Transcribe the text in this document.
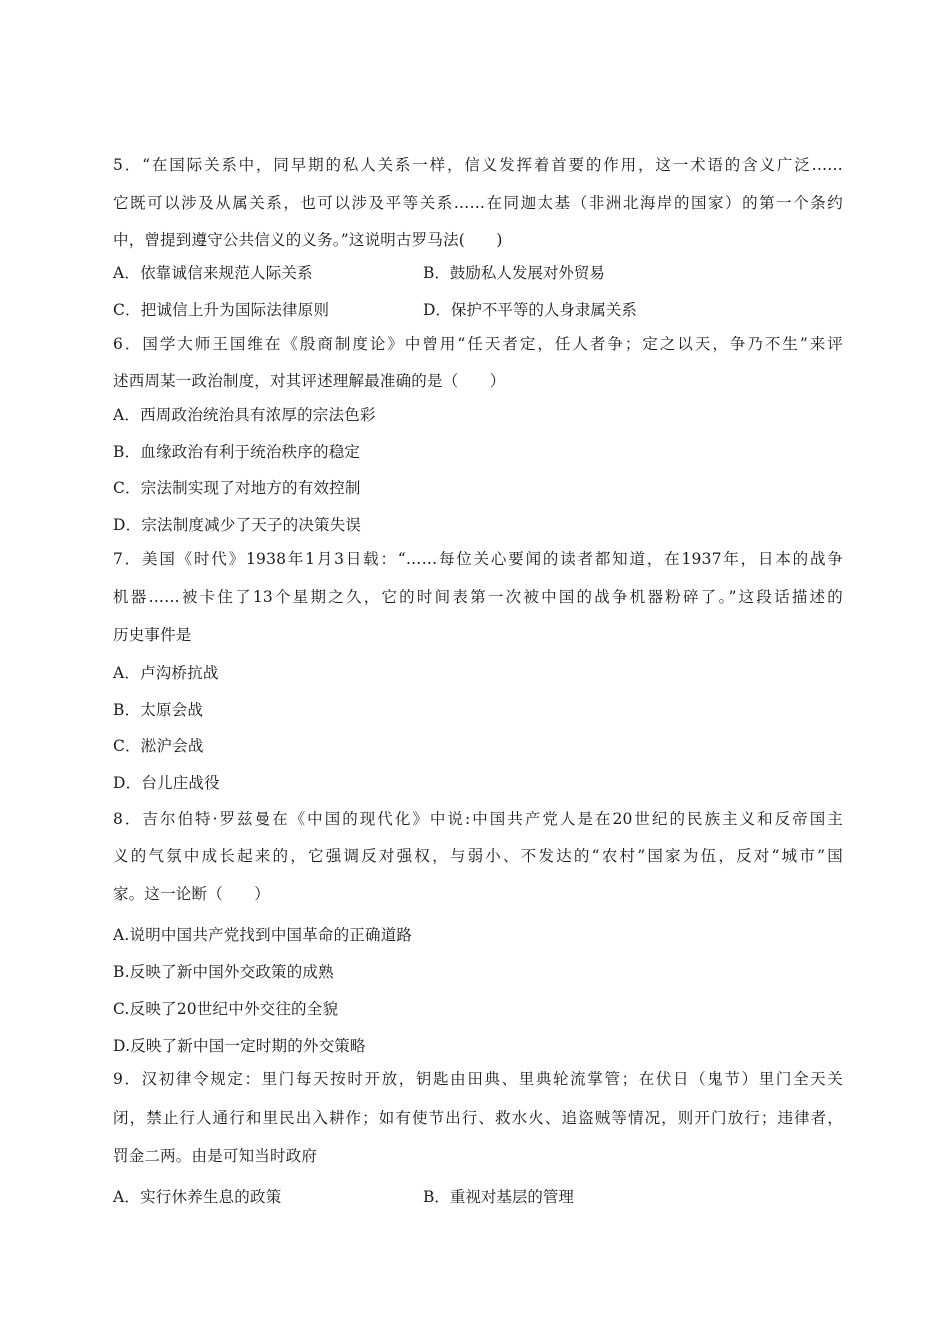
5．“在国际关系中，同早期的私人关系一样，信义发挥着首要的作用，这一术语的含义广泛……
它既可以涉及从属关系，也可以涉及平等关系……在同迦太基（非洲北海岸的国家）的第一个条约
中，曾提到遵守公共信义的义务。”这说明古罗马法(　　)
A．依靠诚信来规范人际关系	B．鼓励私人发展对外贸易
C．把诚信上升为国际法律原则	D．保护不平等的人身隶属关系
6．国学大师王国维在《殷商制度论》中曾用“任天者定，任人者争；定之以天，争乃不生”来评
述西周某一政治制度，对其评述理解最准确的是（　　）
A．西周政治统治具有浓厚的宗法色彩
B．血缘政治有利于统治秩序的稳定
C．宗法制实现了对地方的有效控制
D．宗法制度减少了天子的决策失误
7．美国《时代》1938年1月3日载：“……每位关心要闻的读者都知道，在1937年，日本的战争
机器……被卡住了13个星期之久，它的时间表第一次被中国的战争机器粉碎了。”这段话描述的
历史事件是
A．卢沟桥抗战
B．太原会战
C．淞沪会战
D．台儿庄战役
8．吉尔伯特·罗兹曼在《中国的现代化》中说:中国共产党人是在20世纪的民族主义和反帝国主
义的气氛中成长起来的，它强调反对强权，与弱小、不发达的“农村”国家为伍，反对“城市”国
家。这一论断（　　）
A.说明中国共产党找到中国革命的正确道路
B.反映了新中国外交政策的成熟
C.反映了20世纪中外交往的全貌
D.反映了新中国一定时期的外交策略
9．汉初律令规定：里门每天按时开放，钥匙由田典、里典轮流掌管；在伏日（鬼节）里门全天关
闭，禁止行人通行和里民出入耕作；如有使节出行、救水火、追盗贼等情况，则开门放行；违律者，
罚金二两。由是可知当时政府
A．实行休养生息的政策	B．重视对基层的管理
